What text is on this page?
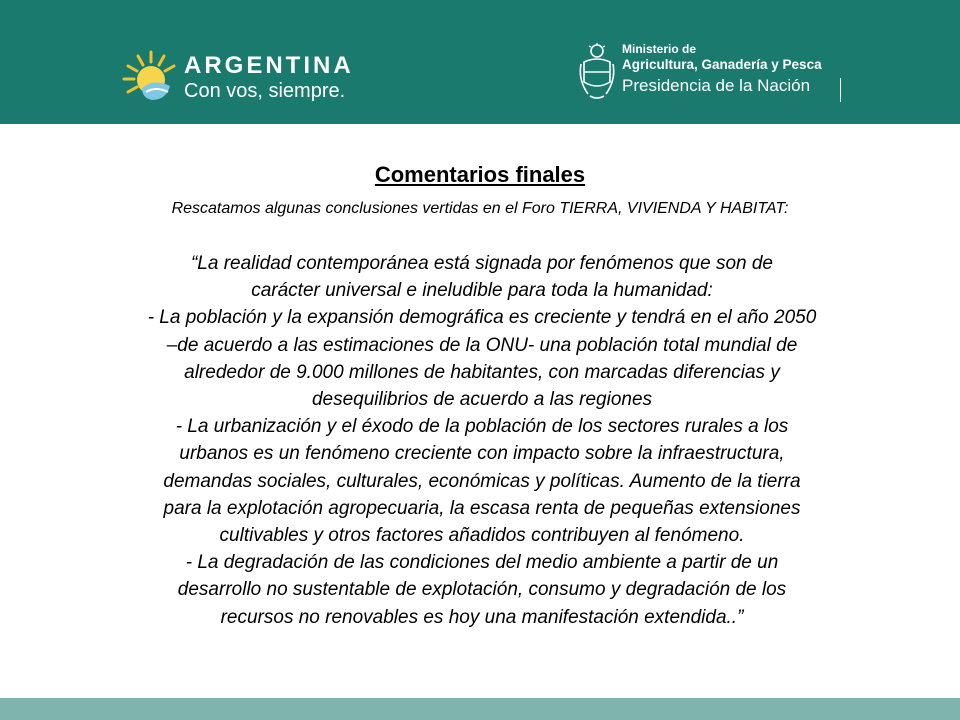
ARGENTINA
Con vos, siempre.
Ministerio de
Agricultura, Ganadería y Pesca
Presidencia de la Nación
Comentarios finales
Rescatamos algunas conclusiones vertidas en el Foro TIERRA, VIVIENDA Y HABITAT:
“La realidad contemporánea está signada por fenómenos que son de
carácter universal e ineludible para toda la humanidad:
- La población y la expansión demográfica es creciente y tendrá en el año 2050
–de acuerdo a las estimaciones de la ONU- una población total mundial de
alrededor de 9.000 millones de habitantes, con marcadas diferencias y
desequilibrios de acuerdo a las regiones
- La urbanización y el éxodo de la población de los sectores rurales a los
urbanos es un fenómeno creciente con impacto sobre la infraestructura,
demandas sociales, culturales, económicas y políticas. Aumento de la tierra
para la explotación agropecuaria, la escasa renta de pequeñas extensiones
cultivables y otros factores añadidos contribuyen al fenómeno.
- La degradación de las condiciones del medio ambiente a partir de un
desarrollo no sustentable de explotación, consumo y degradación de los
recursos no renovables es hoy una manifestación extendida..”
